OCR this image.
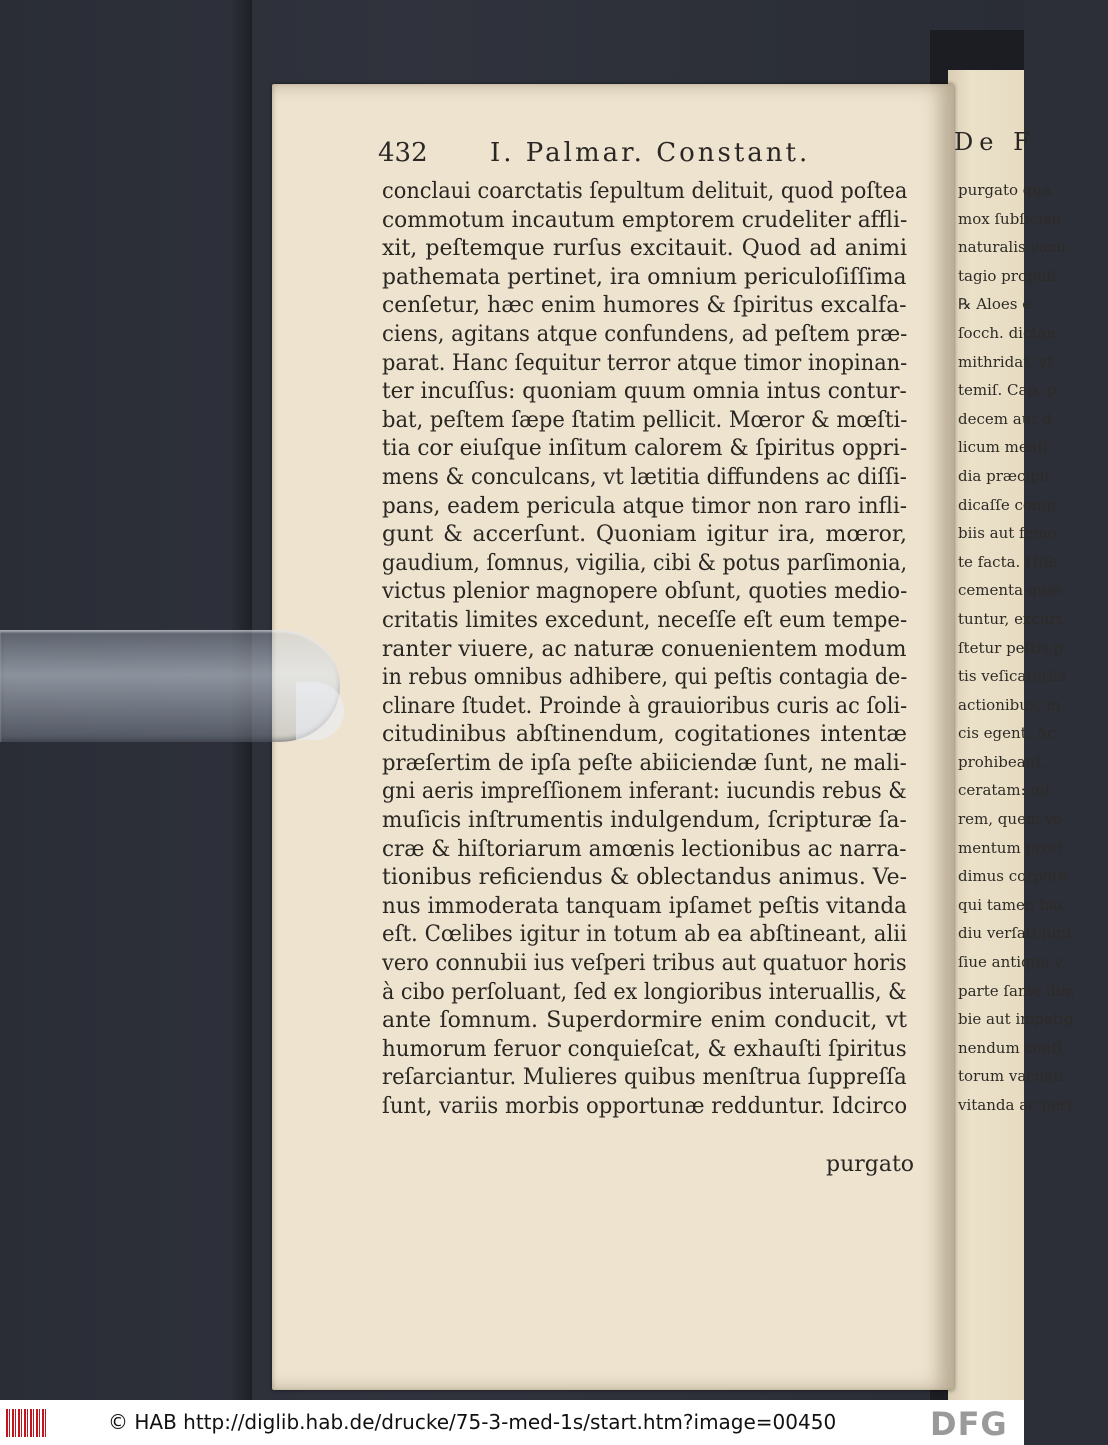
De F
purgato qua
mox ſubſician
naturalis vacu
tagio propulſ
℞ Aloes e
ſocch. dictan
mithridat. vt
temiſ. Cap. p
decem aut d
licum menſt
dia præcipu
dicaſſe comp
biis aut femo
te facta. Hiſe
cementa quæ
tuntur, excurt
ſtetur peſtis p
tis veſicatoriis
actionibus, m
cis egent. Ac
prohibeant,
ceratam: mi
rem, quem ve
mentum prori
dimus corpore
qui tamen hac
diu verſati ſunt
ſiue antiqua v
parte ſanie dim
bie aut impetig
nendum conſi
torum vacuati
vitanda ac peri
432 I. Palmar. Constant.
conclaui coarctatis ſepultum delituit, quod poſtea
commotum incautum emptorem crudeliter affli-
xit, peſtemque rurſus excitauit. Quod ad animi
pathemata pertinet, ira omnium periculoſiſſima
cenſetur, hæc enim humores & ſpiritus excalfa-
ciens, agitans atque confundens, ad peſtem præ-
parat. Hanc ſequitur terror atque timor inopinan-
ter incuſſus: quoniam quum omnia intus contur-
bat, peſtem ſæpe ſtatim pellicit. Mœror & mœſti-
tia cor eiuſque inſitum calorem & ſpiritus oppri-
mens & conculcans, vt lætitia diffundens ac diſſi-
pans, eadem pericula atque timor non raro infli-
gunt & accerſunt. Quoniam igitur ira, mœror,
gaudium, ſomnus, vigilia, cibi & potus parſimonia,
victus plenior magnopere obſunt, quoties medio-
critatis limites excedunt, neceſſe eſt eum tempe-
ranter viuere, ac naturæ conuenientem modum
in rebus omnibus adhibere, qui peſtis contagia de-
clinare ſtudet. Proinde à grauioribus curis ac ſoli-
citudinibus abſtinendum, cogitationes intentæ
præſertim de ipſa peſte abiiciendæ ſunt, ne mali-
gni aeris impreſſionem inferant: iucundis rebus &
muſicis inſtrumentis indulgendum, ſcripturæ ſa-
cræ & hiſtoriarum amœnis lectionibus ac narra-
tionibus reficiendus & oblectandus animus. Ve-
nus immoderata tanquam ipſamet peſtis vitanda
eſt. Cœlibes igitur in totum ab ea abſtineant, alii
vero connubii ius veſperi tribus aut quatuor horis
à cibo perſoluant, ſed ex longioribus interuallis, &
ante ſomnum. Superdormire enim conducit, vt
humorum feruor conquieſcat, & exhauſti ſpiritus
reſarciantur. Mulieres quibus menſtrua ſuppreſſa
ſunt, variis morbis opportunæ redduntur. Idcirco
purgato
© HAB http://diglib.hab.de/drucke/75-3-med-1s/start.htm?image=00450	DFG
